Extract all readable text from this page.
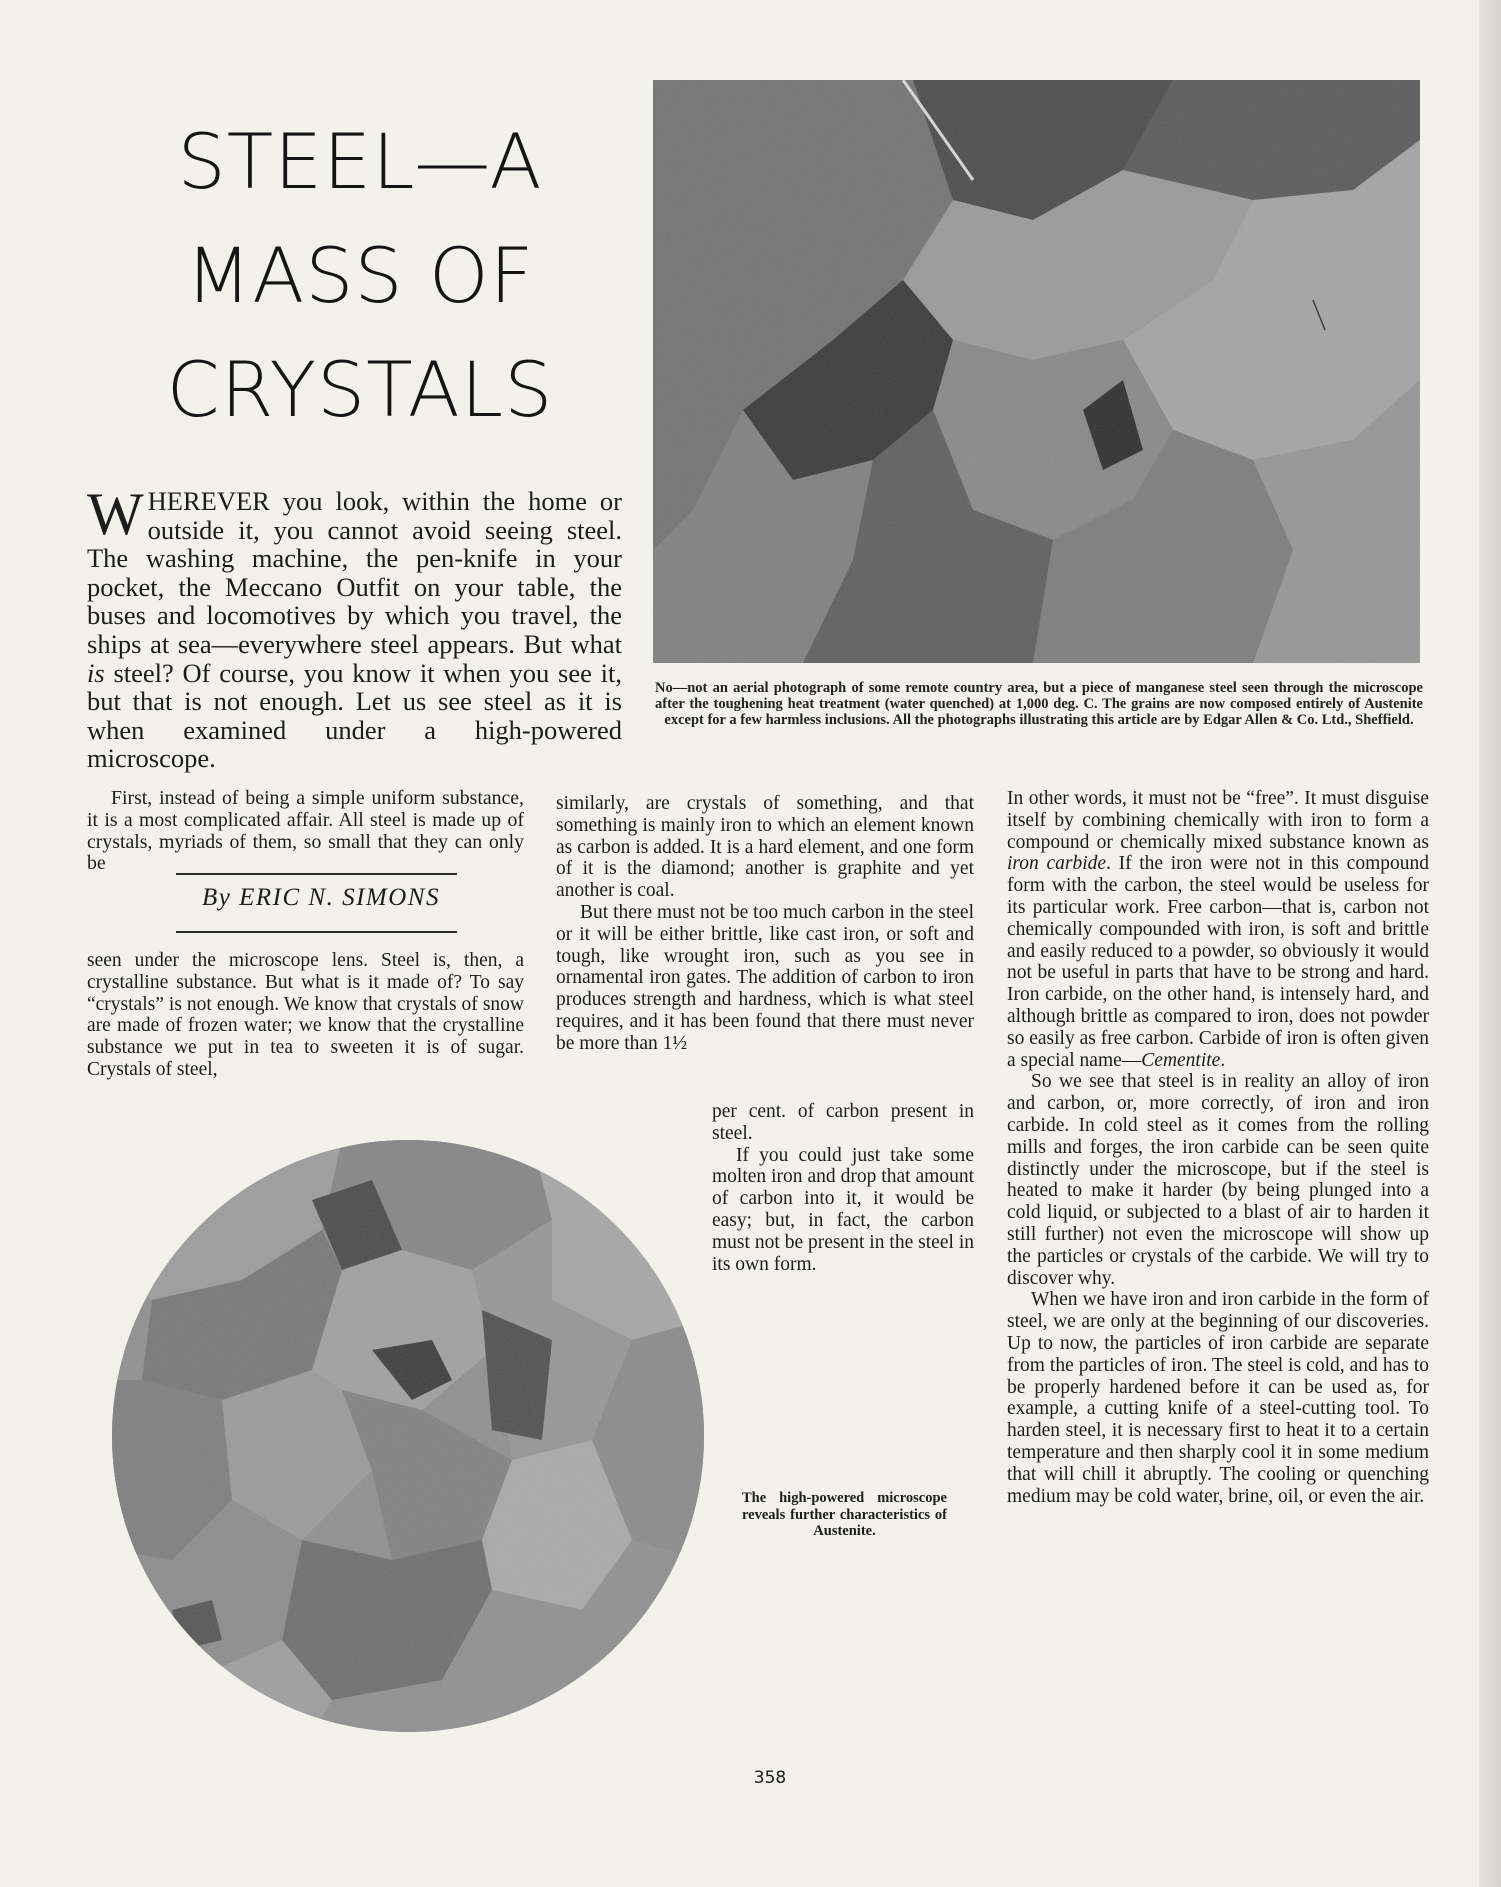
STEEL—A
MASS OF
CRYSTALS
No—not an aerial photograph of some remote country area, but a piece of manganese steel seen through the microscope after the toughening heat treatment (water quenched) at 1,000 deg. C. The grains are now composed entirely of Austenite except for a few harmless inclusions. All the photographs illustrating this article are by Edgar Allen & Co. Ltd., Sheffield.
WHEREVER you look, within the home or outside it, you cannot avoid seeing steel. The washing machine, the pen-knife in your pocket, the Meccano Outfit on your table, the buses and locomotives by which you travel, the ships at sea—everywhere steel appears. But what is steel? Of course, you know it when you see it, but that is not enough. Let us see steel as it is when examined under a high-powered microscope.

First, instead of being a simple uniform substance, it is a most complicated affair. All steel is made up of crystals, myriads of them, so small that they can only be

By ERIC N. SIMONS

seen under the microscope lens. Steel is, then, a crystalline substance. But what is it made of? To say “crystals” is not enough. We know that crystals of snow are made of frozen water; we know that the crystalline substance we put in tea to sweeten it is of sugar. Crystals of steel,

similarly, are crystals of something, and that something is mainly iron to which an element known as carbon is added. It is a hard element, and one form of it is the diamond; another is graphite and yet another is coal.

But there must not be too much carbon in the steel or it will be either brittle, like cast iron, or soft and tough, like wrought iron, such as you see in ornamental iron gates. The addition of carbon to iron produces strength and hardness, which is what steel requires, and it has been found that there must never be more than 1½

per cent. of carbon present in steel.

If you could just take some molten iron and drop that amount of carbon into it, it would be easy; but, in fact, the carbon must not be present in the steel in its own form.

In other words, it must not be “free”. It must disguise itself by combining chemically with iron to form a compound or chemically mixed substance known as iron carbide. If the iron were not in this compound form with the carbon, the steel would be useless for its particular work. Free carbon—that is, carbon not chemically compounded with iron, is soft and brittle and easily reduced to a powder, so obviously it would not be useful in parts that have to be strong and hard. Iron carbide, on the other hand, is intensely hard, and although brittle as compared to iron, does not powder so easily as free carbon. Carbide of iron is often given a special name—Cementite.

So we see that steel is in reality an alloy of iron and carbon, or, more correctly, of iron and iron carbide. In cold steel as it comes from the rolling mills and forges, the iron carbide can be seen quite distinctly under the microscope, but if the steel is heated to make it harder (by being plunged into a cold liquid, or subjected to a blast of air to harden it still further) not even the microscope will show up the particles or crystals of the carbide. We will try to discover why.

When we have iron and iron carbide in the form of steel, we are only at the beginning of our discoveries. Up to now, the particles of iron carbide are separate from the particles of iron. The steel is cold, and has to be properly hardened before it can be used as, for example, a cutting knife of a steel-cutting tool. To harden steel, it is necessary first to heat it to a certain temperature and then sharply cool it in some medium that will chill it abruptly. The cooling or quenching medium may be cold water, brine, oil, or even the air.

The high-powered microscope reveals further characteristics of Austenite.
358
